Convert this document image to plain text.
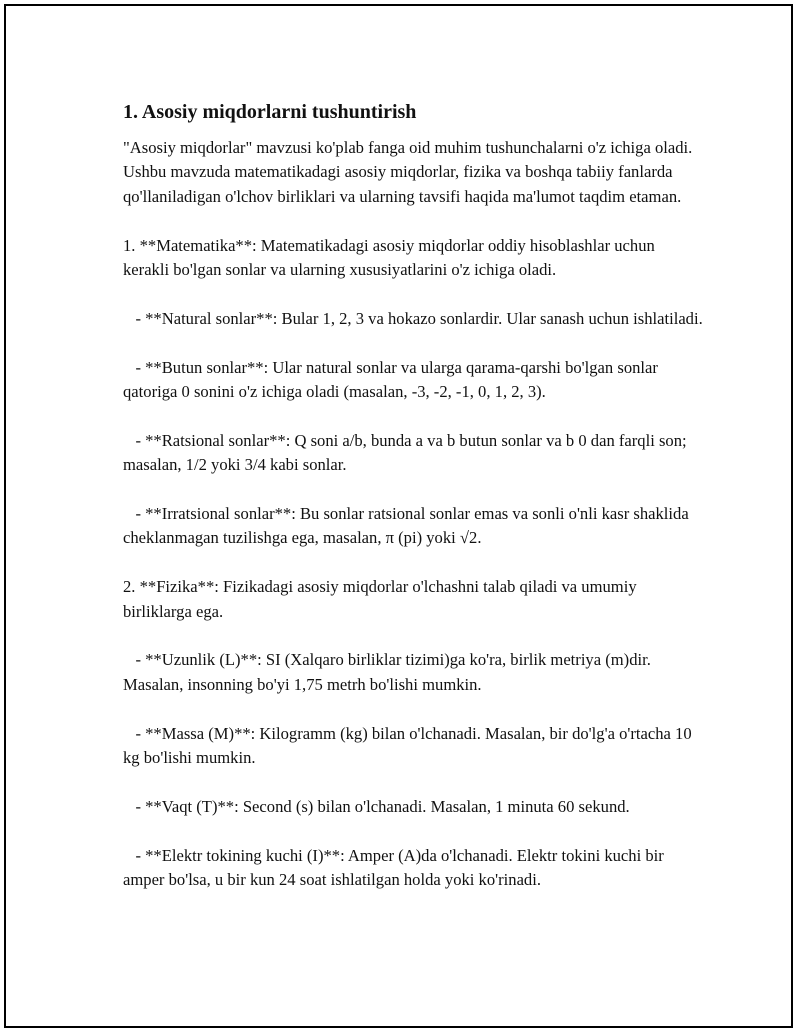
1. Asosiy miqdorlarni tushuntirish

"Asosiy miqdorlar" mavzusi ko'plab fanga oid muhim tushunchalarni o'z ichiga oladi. Ushbu mavzuda matematikadagi asosiy miqdorlar, fizika va boshqa tabiiy fanlarda qo'llaniladigan o'lchov birliklari va ularning tavsifi haqida ma'lumot taqdim etaman.

1. **Matematika**: Matematikadagi asosiy miqdorlar oddiy hisoblashlar uchun kerakli bo'lgan sonlar va ularning xususiyatlarini o'z ichiga oladi.

- **Natural sonlar**: Bular 1, 2, 3 va hokazo sonlardir. Ular sanash uchun ishlatiladi.

- **Butun sonlar**: Ular natural sonlar va ularga qarama-qarshi bo'lgan sonlar qatoriga 0 sonini o'z ichiga oladi (masalan, -3, -2, -1, 0, 1, 2, 3).

- **Ratsional sonlar**: Q soni a/b, bunda a va b butun sonlar va b 0 dan farqli son; masalan, 1/2 yoki 3/4 kabi sonlar.

- **Irratsional sonlar**: Bu sonlar ratsional sonlar emas va sonli o'nli kasr shaklida cheklanmagan tuzilishga ega, masalan, π (pi) yoki √2.

2. **Fizika**: Fizikadagi asosiy miqdorlar o'lchashni talab qiladi va umumiy birliklarga ega.

- **Uzunlik (L)**: SI (Xalqaro birliklar tizimi)ga ko'ra, birlik metriya (m)dir. Masalan, insonning bo'yi 1,75 metrh bo'lishi mumkin.

- **Massa (M)**: Kilogramm (kg) bilan o'lchanadi. Masalan, bir do'lg'a o'rtacha 10 kg bo'lishi mumkin.

- **Vaqt (T)**: Second (s) bilan o'lchanadi. Masalan, 1 minuta 60 sekund.

- **Elektr tokining kuchi (I)**: Amper (A)da o'lchanadi. Elektr tokini kuchi bir amper bo'lsa, u bir kun 24 soat ishlatilgan holda yoki ko'rinadi.
